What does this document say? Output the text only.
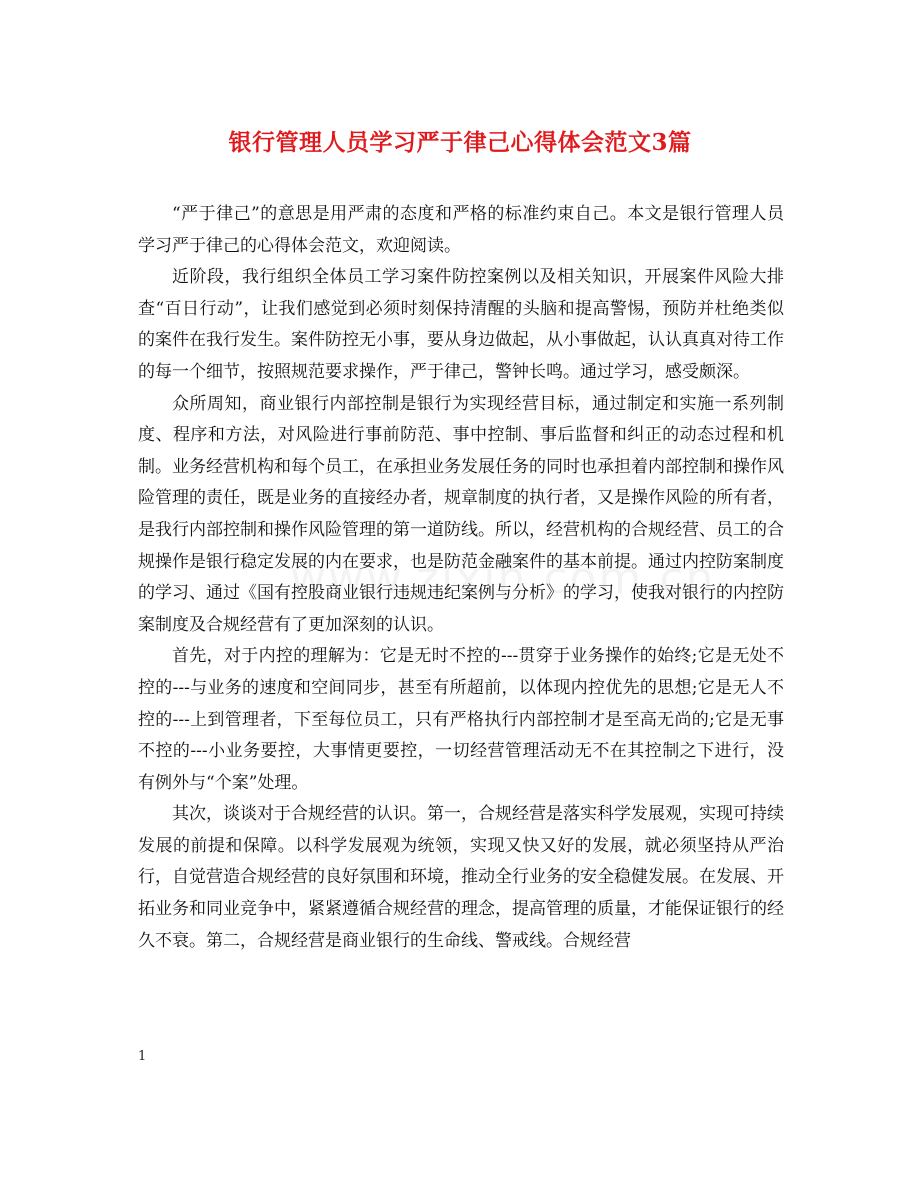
银行管理人员学习严于律己心得体会范文3篇

“严于律己”的意思是用严肃的态度和严格的标准约束自己。本文是银行管理人员学习严于律己的心得体会范文，欢迎阅读。

近阶段，我行组织全体员工学习案件防控案例以及相关知识，开展案件风险大排查“百日行动”，让我们感觉到必须时刻保持清醒的头脑和提高警惕，预防并杜绝类似的案件在我行发生。案件防控无小事，要从身边做起，从小事做起，认认真真对待工作的每一个细节，按照规范要求操作，严于律己，警钟长鸣。通过学习，感受颇深。

众所周知，商业银行内部控制是银行为实现经营目标，通过制定和实施一系列制度、程序和方法，对风险进行事前防范、事中控制、事后监督和纠正的动态过程和机制。业务经营机构和每个员工，在承担业务发展任务的同时也承担着内部控制和操作风险管理的责任，既是业务的直接经办者，规章制度的执行者，又是操作风险的所有者，是我行内部控制和操作风险管理的第一道防线。所以，经营机构的合规经营、员工的合规操作是银行稳定发展的内在要求，也是防范金融案件的基本前提。通过内控防案制度的学习、通过《国有控股商业银行违规违纪案例与分析》的学习，使我对银行的内控防案制度及合规经营有了更加深刻的认识。

首先，对于内控的理解为：它是无时不控的---贯穿于业务操作的始终;它是无处不控的---与业务的速度和空间同步，甚至有所超前，以体现内控优先的思想;它是无人不控的---上到管理者，下至每位员工，只有严格执行内部控制才是至高无尚的;它是无事不控的---小业务要控，大事情更要控，一切经营管理活动无不在其控制之下进行，没有例外与“个案”处理。

其次，谈谈对于合规经营的认识。第一，合规经营是落实科学发展观，实现可持续发展的前提和保障。以科学发展观为统领，实现又快又好的发展，就必须坚持从严治行，自觉营造合规经营的良好氛围和环境，推动全行业务的安全稳健发展。在发展、开拓业务和同业竞争中，紧紧遵循合规经营的理念，提高管理的质量，才能保证银行的经久不衰。第二，合规经营是商业银行的生命线、警戒线。合规经营

1
